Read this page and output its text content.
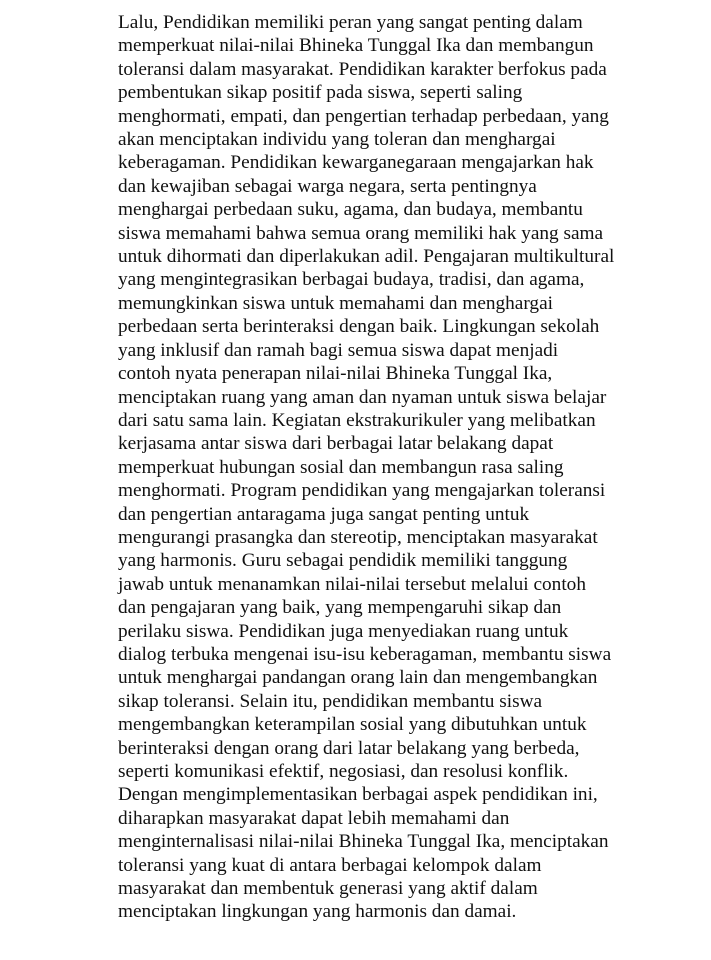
Lalu, Pendidikan memiliki peran yang sangat penting dalam
memperkuat nilai-nilai Bhineka Tunggal Ika dan membangun
toleransi dalam masyarakat. Pendidikan karakter berfokus pada
pembentukan sikap positif pada siswa, seperti saling
menghormati, empati, dan pengertian terhadap perbedaan, yang
akan menciptakan individu yang toleran dan menghargai
keberagaman. Pendidikan kewarganegaraan mengajarkan hak
dan kewajiban sebagai warga negara, serta pentingnya
menghargai perbedaan suku, agama, dan budaya, membantu
siswa memahami bahwa semua orang memiliki hak yang sama
untuk dihormati dan diperlakukan adil. Pengajaran multikultural
yang mengintegrasikan berbagai budaya, tradisi, dan agama,
memungkinkan siswa untuk memahami dan menghargai
perbedaan serta berinteraksi dengan baik. Lingkungan sekolah
yang inklusif dan ramah bagi semua siswa dapat menjadi
contoh nyata penerapan nilai-nilai Bhineka Tunggal Ika,
menciptakan ruang yang aman dan nyaman untuk siswa belajar
dari satu sama lain. Kegiatan ekstrakurikuler yang melibatkan
kerjasama antar siswa dari berbagai latar belakang dapat
memperkuat hubungan sosial dan membangun rasa saling
menghormati. Program pendidikan yang mengajarkan toleransi
dan pengertian antaragama juga sangat penting untuk
mengurangi prasangka dan stereotip, menciptakan masyarakat
yang harmonis. Guru sebagai pendidik memiliki tanggung
jawab untuk menanamkan nilai-nilai tersebut melalui contoh
dan pengajaran yang baik, yang mempengaruhi sikap dan
perilaku siswa. Pendidikan juga menyediakan ruang untuk
dialog terbuka mengenai isu-isu keberagaman, membantu siswa
untuk menghargai pandangan orang lain dan mengembangkan
sikap toleransi. Selain itu, pendidikan membantu siswa
mengembangkan keterampilan sosial yang dibutuhkan untuk
berinteraksi dengan orang dari latar belakang yang berbeda,
seperti komunikasi efektif, negosiasi, dan resolusi konflik.
Dengan mengimplementasikan berbagai aspek pendidikan ini,
diharapkan masyarakat dapat lebih memahami dan
menginternalisasi nilai-nilai Bhineka Tunggal Ika, menciptakan
toleransi yang kuat di antara berbagai kelompok dalam
masyarakat dan membentuk generasi yang aktif dalam
menciptakan lingkungan yang harmonis dan damai.
